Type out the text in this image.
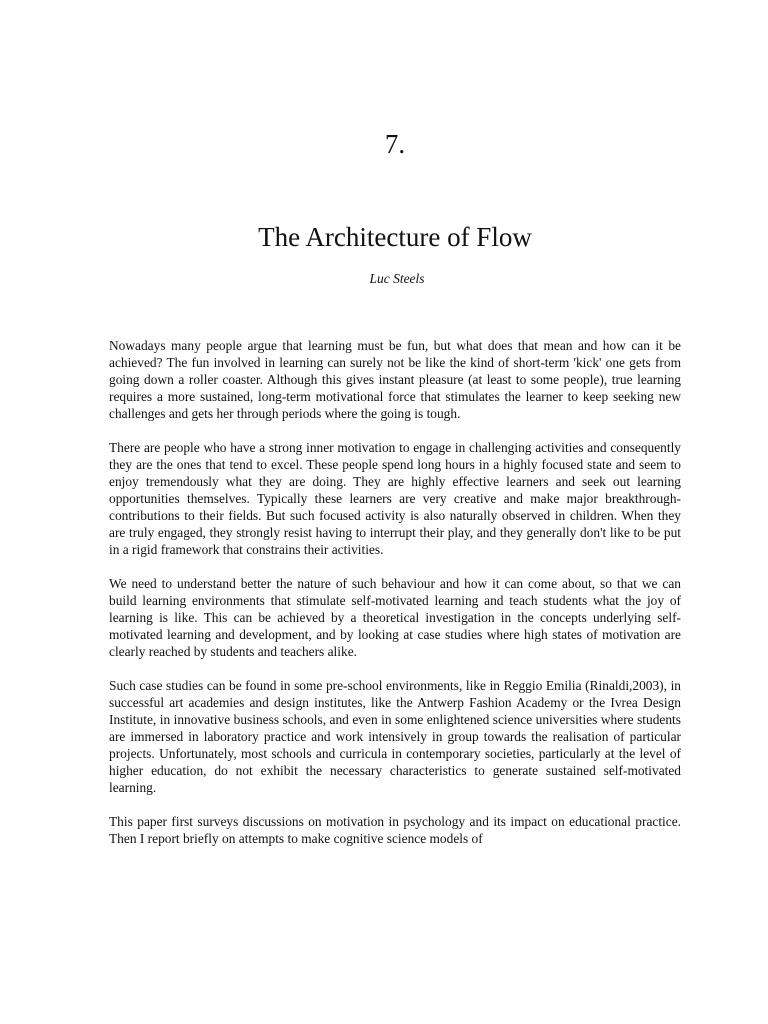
7.
The Architecture of Flow
Luc Steels

Nowadays many people argue that learning must be fun, but what does that mean and how can it be achieved? The fun involved in learning can surely not be like the kind of short-term 'kick' one gets from going down a roller coaster. Although this gives instant pleasure (at least to some people), true learning requires a more sustained, long-term motivational force that stimulates the learner to keep seeking new challenges and gets her through periods where the going is tough.

There are people who have a strong inner motivation to engage in challenging activities and consequently they are the ones that tend to excel. These people spend long hours in a highly focused state and seem to enjoy tremendously what they are doing. They are highly effective learners and seek out learning opportunities themselves. Typically these learners are very creative and make major breakthrough-contributions to their fields. But such focused activity is also naturally observed in children. When they are truly engaged, they strongly resist having to interrupt their play, and they generally don't like to be put in a rigid framework that constrains their activities.

We need to understand better the nature of such behaviour and how it can come about, so that we can build learning environments that stimulate self-motivated learning and teach students what the joy of learning is like. This can be achieved by a theoretical investigation in the concepts underlying self-motivated learning and development, and by looking at case studies where high states of motivation are clearly reached by students and teachers alike.

Such case studies can be found in some pre-school environments, like in Reggio Emilia (Rinaldi,2003), in successful art academies and design institutes, like the Antwerp Fashion Academy or the Ivrea Design Institute, in innovative business schools, and even in some enlightened science universities where students are immersed in laboratory practice and work intensively in group towards the realisation of particular projects. Unfortunately, most schools and curricula in contemporary societies, particularly at the level of higher education, do not exhibit the necessary characteristics to generate sustained self-motivated learning.

This paper first surveys discussions on motivation in psychology and its impact on educational practice. Then I report briefly on attempts to make cognitive science models of
